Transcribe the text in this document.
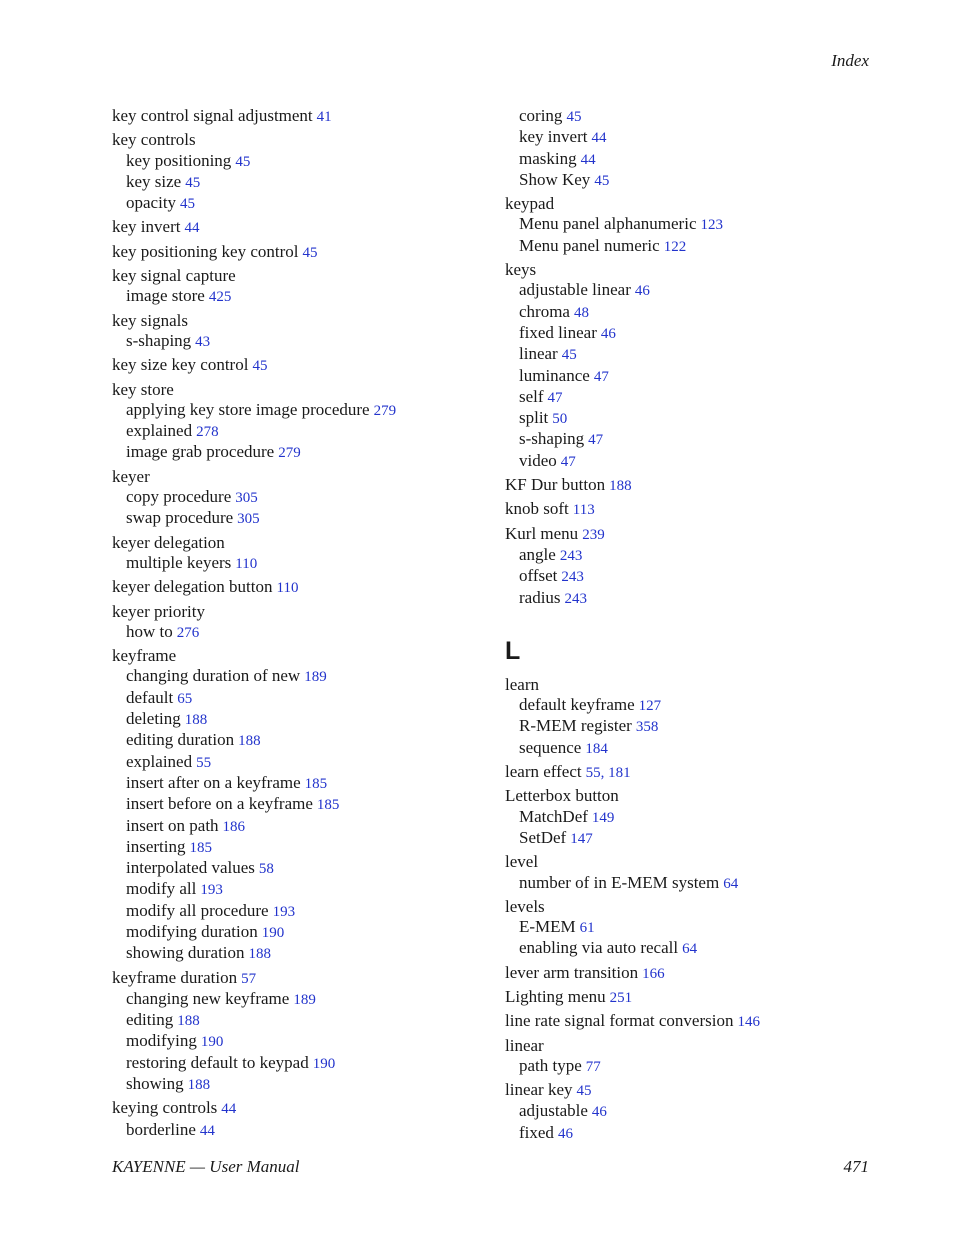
Index
key control signal adjustment 41
key controls
key positioning 45
key size 45
opacity 45
key invert 44
key positioning key control 45
key signal capture
image store 425
key signals
s-shaping 43
key size key control 45
key store
applying key store image procedure 279
explained 278
image grab procedure 279
keyer
copy procedure 305
swap procedure 305
keyer delegation
multiple keyers 110
keyer delegation button 110
keyer priority
how to 276
keyframe
changing duration of new 189
default 65
deleting 188
editing duration 188
explained 55
insert after on a keyframe 185
insert before on a keyframe 185
insert on path 186
inserting 185
interpolated values 58
modify all 193
modify all procedure 193
modifying duration 190
showing duration 188
keyframe duration 57
changing new keyframe 189
editing 188
modifying 190
restoring default to keypad 190
showing 188
keying controls 44
borderline 44
coring 45
key invert 44
masking 44
Show Key 45
keypad
Menu panel alphanumeric 123
Menu panel numeric 122
keys
adjustable linear 46
chroma 48
fixed linear 46
linear 45
luminance 47
self 47
split 50
s-shaping 47
video 47
KF Dur button 188
knob soft 113
Kurl menu 239
angle 243
offset 243
radius 243
L
learn
default keyframe 127
R-MEM register 358
sequence 184
learn effect 55, 181
Letterbox button
MatchDef 149
SetDef 147
level
number of in E-MEM system 64
levels
E-MEM 61
enabling via auto recall 64
lever arm transition 166
Lighting menu 251
line rate signal format conversion 146
linear
path type 77
linear key 45
adjustable 46
fixed 46
KAYENNE — User Manual	471
